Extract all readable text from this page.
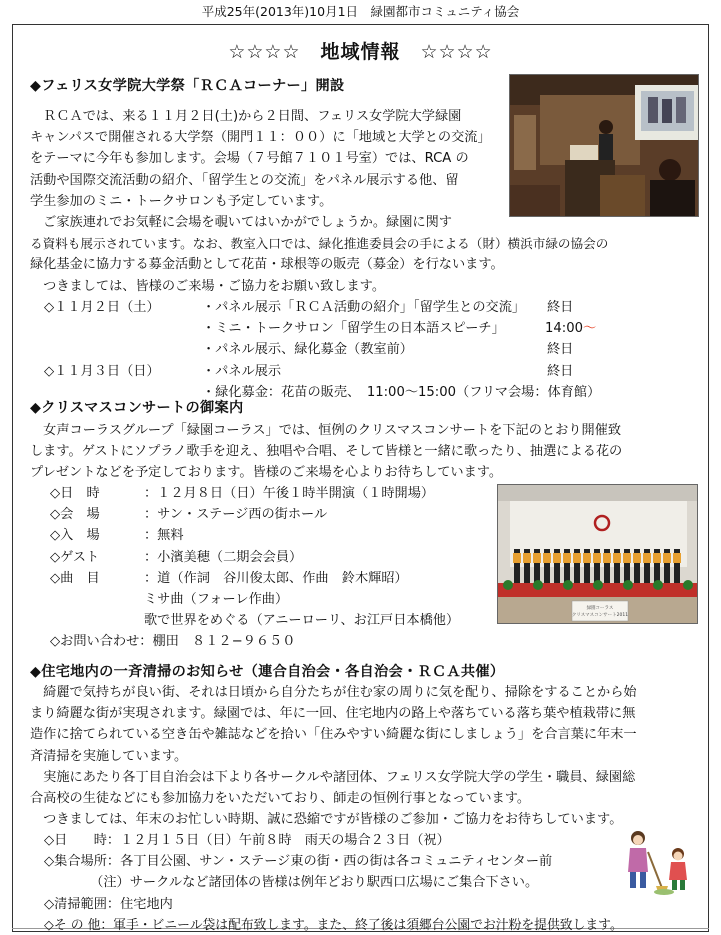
平成25年(2013年)10月1日　緑園都市コミュニティ協会
☆☆☆☆　地域情報　☆☆☆☆
◆フェリス女学院大学祭「ＲＣＡコーナー」開設
　ＲＣＡでは、来る１１月２日(土)から２日間、フェリス女学院大学緑園
キャンパスで開催される大学祭（開門１１：００）に「地域と大学との交流」
をテーマに今年も参加します。会場（７号館７１０１号室）では、RCA の
活動や国際交流活動の紹介、「留学生との交流」をパネル展示する他、留
学生参加のミニ・トークサロンも予定しています。
　ご家族連れでお気軽に会場を覗いてはいかがでしょうか。緑園に関す
る資料も展示されています。なお、教室入口では、緑化推進委員会の手による（財）横浜市緑の協会の
緑化基金に協力する募金活動として花苗・球根等の販売（募金）を行ないます。
　つきましては、皆様のご来場・ご協力をお願い致します。
◇１１月２日（土）	・パネル展示「ＲＣＡ活動の紹介」「留学生との交流」 終日
・ミニ・トークサロン「留学生の日本語スピーチ」	14:00〜
・パネル展示、緑化募金（教室前）	終日
◇１１月３日（日）	・パネル展示	終日
・緑化募金：花苗の販売、　11:00〜15:00（フリマ会場：体育館）
◆クリスマスコンサートの御案内
　女声コーラスグループ「緑園コーラス」では、恒例のクリスマスコンサートを下記のとおり開催致
します。ゲストにソプラノ歌手を迎え、独唱や合唱、そして皆様と一緒に歌ったり、抽選による花の
プレゼントなどを予定しております。皆様のご来場を心よりお待ちしています。
◇日　時	：１２月８日（日）午後１時半開演（１時開場）
◇会　場	：サン・ステージ西の街ホール
◇入　場	：無料
◇ゲスト	：小濱美穂（二期会会員）
◇曲　目	：道（作詞　谷川俊太郎、作曲　鈴木輝昭）
ミサ曲（フォーレ作曲）
歌で世界をめぐる（アニーローリ、お江戸日本橋他）
◇お問い合わせ：棚田　８１２−９６５０
緑園コーラス
クリスマスコンサート2011
◆住宅地内の一斉清掃のお知らせ（連合自治会・各自治会・ＲＣＡ共催）
　綺麗で気持ちが良い街、それは日頃から自分たちが住む家の周りに気を配り、掃除をすることから始
まり綺麗な街が実現されます。緑園では、年に一回、住宅地内の路上や落ちている落ち葉や植栽帯に無
造作に捨てられている空き缶や雑誌などを拾い「住みやすい綺麗な街にしましょう」を合言葉に年末一
斉清掃を実施しています。
　実施にあたり各丁目自治会は下より各サークルや諸団体、フェリス女学院大学の学生・職員、緑園総
合高校の生徒などにも参加協力をいただいており、師走の恒例行事となっています。
　つきましては、年末のお忙しい時期、誠に恐縮ですが皆様のご参加・ご協力をお待ちしています。
◇日　　時：１２月１５日（日）午前８時　雨天の場合２３日（祝）
◇集合場所：各丁目公園、サン・ステージ東の街・西の街は各コミュニティセンター前
　　　　（注）サークルなど諸団体の皆様は例年どおり駅西口広場にご集合下さい。
◇清掃範囲：住宅地内
◇そ の 他：軍手・ビニール袋は配布致します。また、終了後は須郷台公園でお汁粉を提供致します。
